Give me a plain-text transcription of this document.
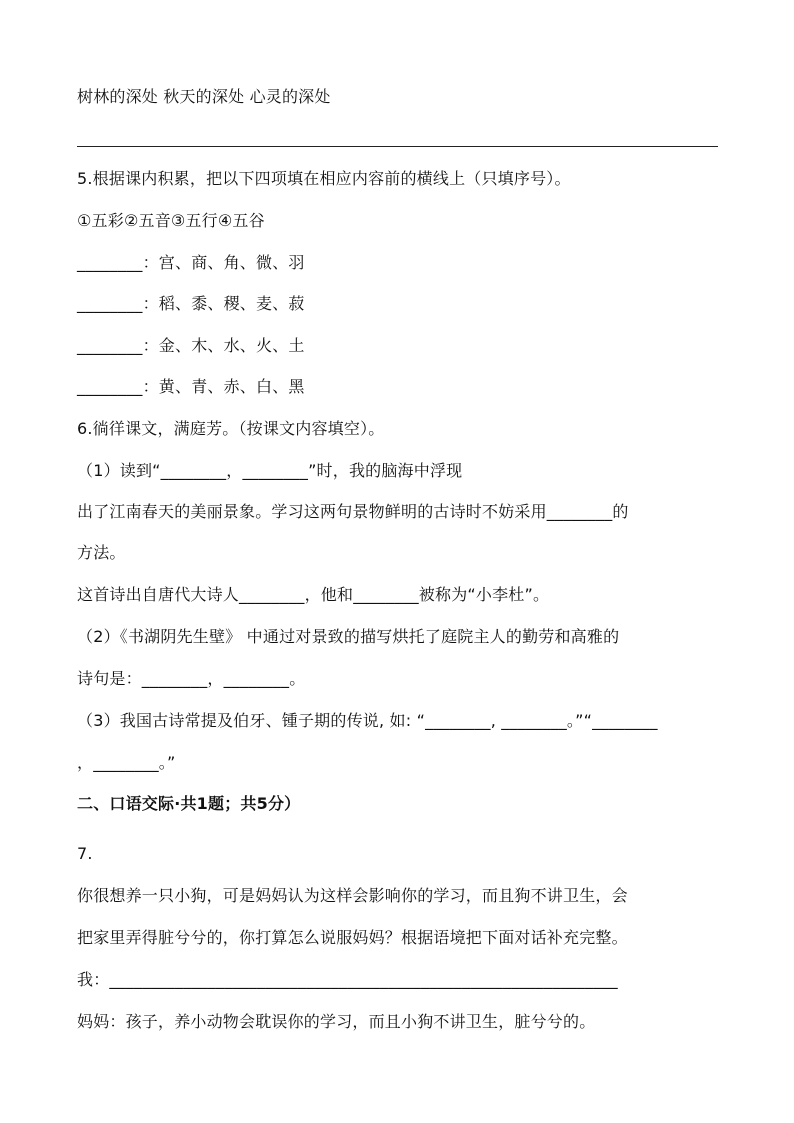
树林的深处 秋天的深处 心灵的深处
5.根据课内积累，把以下四项填在相应内容前的横线上（只填序号）。
①五彩②五音③五行④五谷
________：宫、商、角、微、羽
________：稻、黍、稷、麦、菽
________：金、木、水、火、土
________：黄、青、赤、白、黑
6.徜徉课文，满庭芳。（按课文内容填空）。
（1）读到“________，________”时，我的脑海中浮现
出了江南春天的美丽景象。学习这两句景物鲜明的古诗时不妨采用________的
方法。
这首诗出自唐代大诗人________，他和________被称为“小李杜”。
（2）《书湖阴先生壁》 中通过对景致的描写烘托了庭院主人的勤劳和高雅的
诗句是：________，________。
（3）我国古诗常提及伯牙、锺子期的传说, 如: “________, ________。”“________
，________。”
二、口语交际·共1题；共5分）
7.
你很想养一只小狗，可是妈妈认为这样会影响你的学习，而且狗不讲卫生，会
把家里弄得脏兮兮的，你打算怎么说服妈妈？根据语境把下面对话补充完整。
我：______________________________________________________________
妈妈：孩子，养小动物会耽误你的学习，而且小狗不讲卫生，脏兮兮的。
